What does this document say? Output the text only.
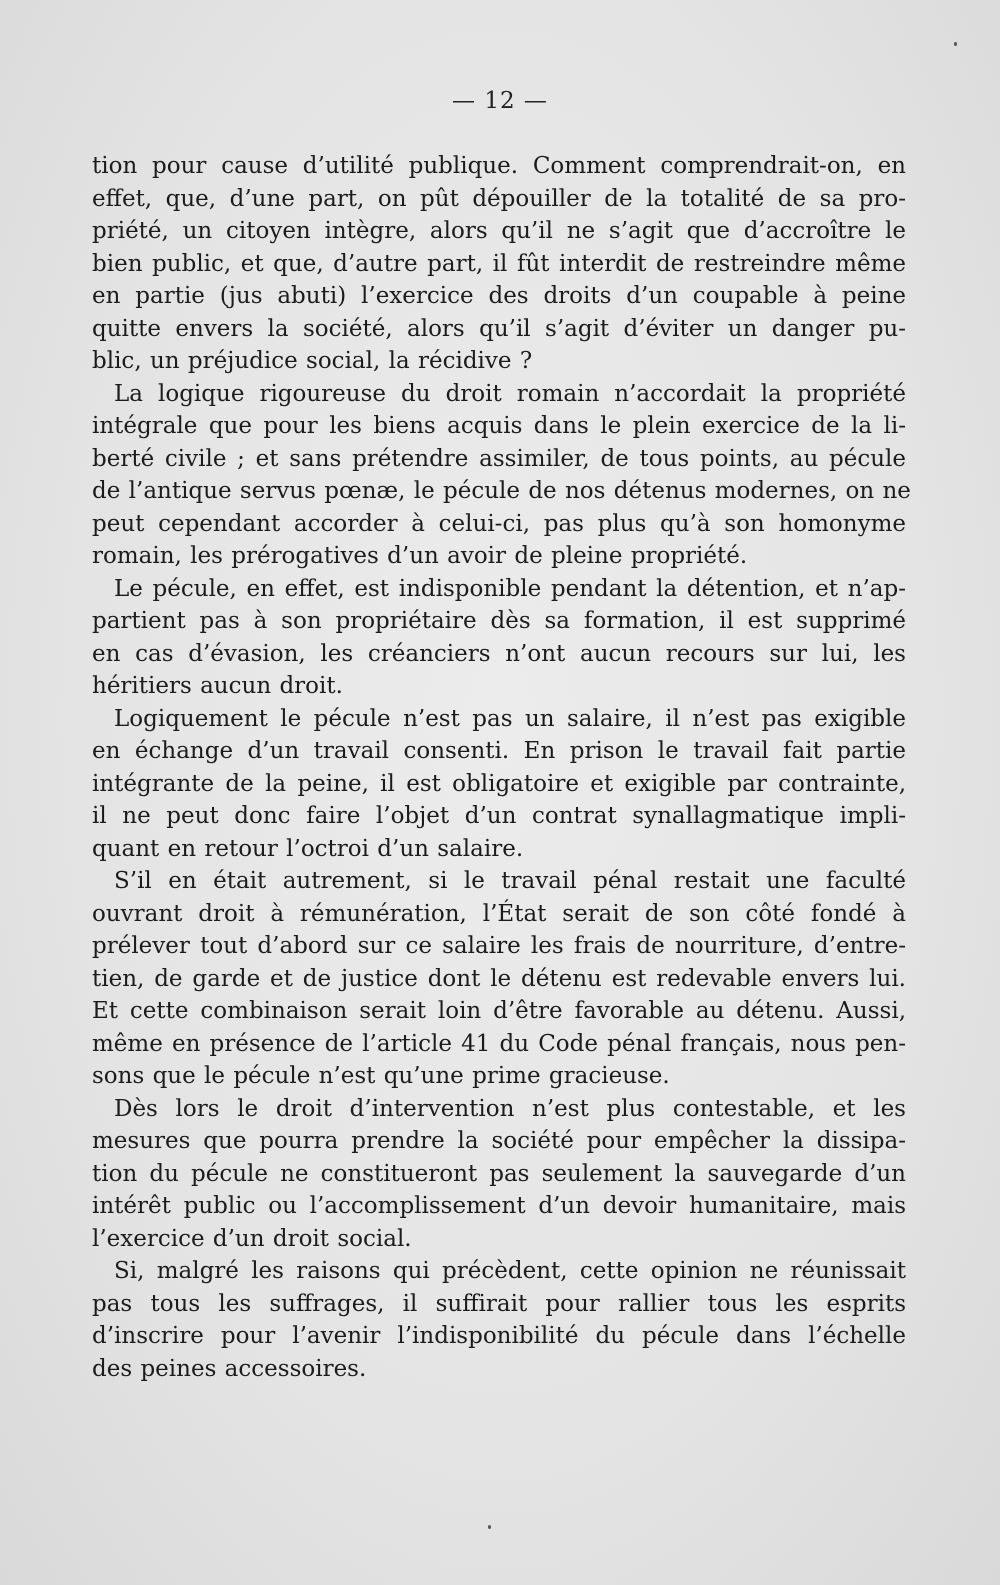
— 12 —
tion pour cause d’utilité publique. Comment comprendrait-on, en
effet, que, d’une part, on pût dépouiller de la totalité de sa pro-
priété, un citoyen intègre, alors qu’il ne s’agit que d’accroître le
bien public, et que, d’autre part, il fût interdit de restreindre même
en partie (jus abuti) l’exercice des droits d’un coupable à peine
quitte envers la société, alors qu’il s’agit d’éviter un danger pu-
blic, un préjudice social, la récidive ?
La logique rigoureuse du droit romain n’accordait la propriété
intégrale que pour les biens acquis dans le plein exercice de la li-
berté civile ; et sans prétendre assimiler, de tous points, au pécule
de l’antique servus pœnæ, le pécule de nos détenus modernes, on ne
peut cependant accorder à celui-ci, pas plus qu’à son homonyme
romain, les prérogatives d’un avoir de pleine propriété.
Le pécule, en effet, est indisponible pendant la détention, et n’ap-
partient pas à son propriétaire dès sa formation, il est supprimé
en cas d’évasion, les créanciers n’ont aucun recours sur lui, les
héritiers aucun droit.
Logiquement le pécule n’est pas un salaire, il n’est pas exigible
en échange d’un travail consenti. En prison le travail fait partie
intégrante de la peine, il est obligatoire et exigible par contrainte,
il ne peut donc faire l’objet d’un contrat synallagmatique impli-
quant en retour l’octroi d’un salaire.
S’il en était autrement, si le travail pénal restait une faculté
ouvrant droit à rémunération, l’État serait de son côté fondé à
prélever tout d’abord sur ce salaire les frais de nourriture, d’entre-
tien, de garde et de justice dont le détenu est redevable envers lui.
Et cette combinaison serait loin d’être favorable au détenu. Aussi,
même en présence de l’article 41 du Code pénal français, nous pen-
sons que le pécule n’est qu’une prime gracieuse.
Dès lors le droit d’intervention n’est plus contestable, et les
mesures que pourra prendre la société pour empêcher la dissipa-
tion du pécule ne constitueront pas seulement la sauvegarde d’un
intérêt public ou l’accomplissement d’un devoir humanitaire, mais
l’exercice d’un droit social.
Si, malgré les raisons qui précèdent, cette opinion ne réunissait
pas tous les suffrages, il suffirait pour rallier tous les esprits
d’inscrire pour l’avenir l’indisponibilité du pécule dans l’échelle
des peines accessoires.
